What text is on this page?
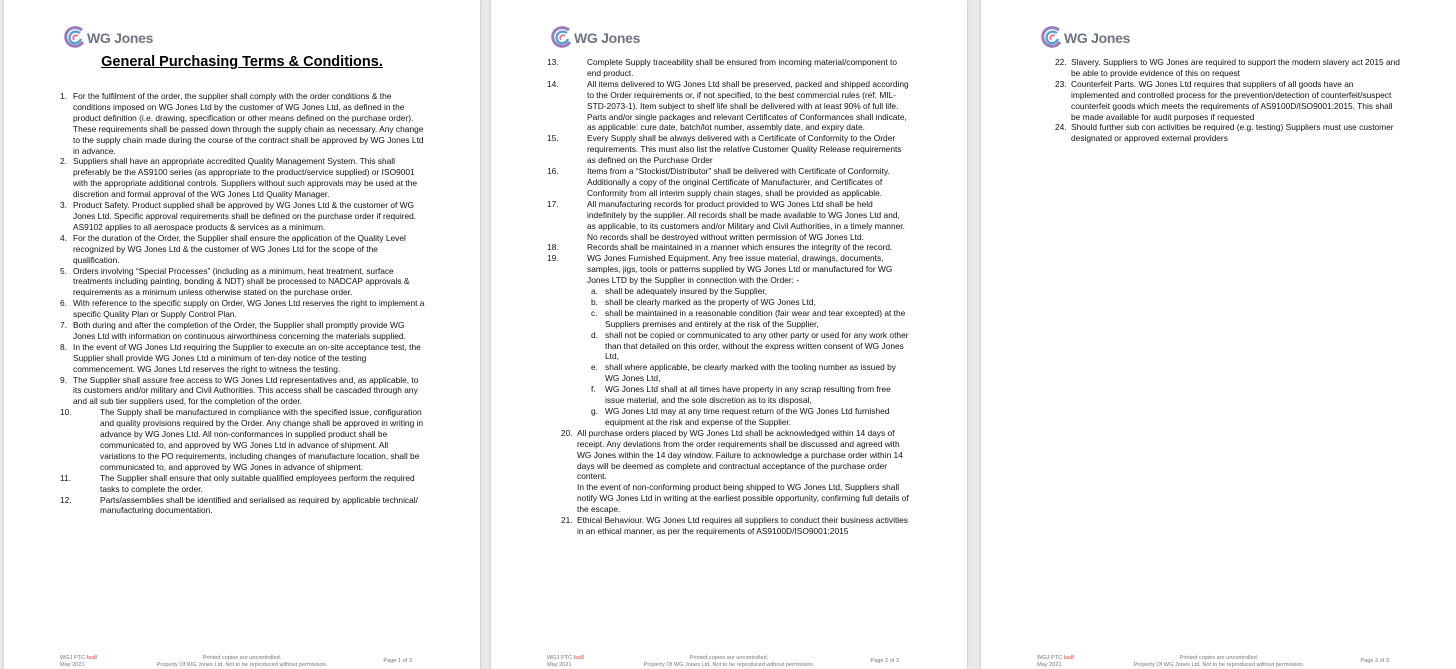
WG Jones
General Purchasing Terms & Conditions.
1. For the fulfilment of the order, the supplier shall comply with the order conditions & the conditions imposed on WG Jones Ltd by the customer of WG Jones Ltd, as defined in the product definition (i.e. drawing, specification or other means defined on the purchase order). These requirements shall be passed down through the supply chain as necessary. Any change to the supply chain made during the course of the contract shall be approved by WG Jones Ltd in advance.
2. Suppliers shall have an appropriate accredited Quality Management System. This shall preferably be the AS9100 series (as appropriate to the product/service supplied) or ISO9001 with the appropriate additional controls. Suppliers without such approvals may be used at the discretion and formal approval of the WG Jones Ltd Quality Manager.
3. Product Safety. Product supplied shall be approved by WG Jones Ltd & the customer of WG Jones Ltd. Specific approval requirements shall be defined on the purchase order if required. AS9102 applies to all aerospace products & services as a minimum.
4. For the duration of the Order, the Supplier shall ensure the application of the Quality Level recognized by WG Jones Ltd & the customer of WG Jones Ltd for the scope of the qualification.
5. Orders involving “Special Processes” (including as a minimum, heat treatment, surface treatments including painting, bonding & NDT) shall be processed to NADCAP approvals & requirements as a minimum unless otherwise stated on the purchase order.
6. With reference to the specific supply on Order, WG Jones Ltd reserves the right to implement a specific Quality Plan or Supply Control Plan.
7. Both during and after the completion of the Order, the Supplier shall promptly provide WG Jones Ltd with information on continuous airworthiness concerning the materials supplied.
8. In the event of WG Jones Ltd requiring the Supplier to execute an on-site acceptance test, the Supplier shall provide WG Jones Ltd a minimum of ten-day notice of the testing commencement. WG Jones Ltd reserves the right to witness the testing.
9. The Supplier shall assure free access to WG Jones Ltd representatives and, as applicable, to its customers and/or military and Civil Authorities. This access shall be cascaded through any and all sub tier suppliers used, for the completion of the order.
10.	The Supply shall be manufactured in compliance with the specified issue, configuration and quality provisions required by the Order. Any change shall be approved in writing in advance by WG Jones Ltd. All non-conformances in supplied product shall be communicated to, and approved by WG Jones Ltd in advance of shipment. All variations to the PO requirements, including changes of manufacture location, shall be communicated to, and approved by WG Jones in advance of shipment.
11.	The Supplier shall ensure that only suitable qualified employees perform the required tasks to complete the order.
12.	Parts/assemblies shall be identified and serialised as required by applicable technical/ manufacturing documentation.
WGJ PTC Iss8
May 2021
Printed copies are uncontrolled.
Property Of WG Jones Ltd. Not to be reproduced without permission.
Page 1 of 3
WG Jones
13.	Complete Supply traceability shall be ensured from incoming material/component to end product.
14.	All items delivered to WG Jones Ltd shall be preserved, packed and shipped according to the Order requirements or, if not specified, to the best commercial rules (ref. MIL-STD-2073-1). Item subject to shelf life shall be delivered with at least 90% of full life. Parts and/or single packages and relevant Certificates of Conformances shall indicate, as applicable: cure date, batch/lot number, assembly date, and expiry date.
15.	Every Supply shall be always delivered with a Certificate of Conformity to the Order requirements. This must also list the relative Customer Quality Release requirements as defined on the Purchase Order
16.	Items from a “Stockist/Distributor” shall be delivered with Certificate of Conformity. Additionally a copy of the original Certificate of Manufacturer, and Certificates of Conformity from all interim supply chain stages, shall be provided as applicable.
17.	All manufacturing records for product provided to WG Jones Ltd shall be held indefinitely by the supplier. All records shall be made available to WG Jones Ltd and, as applicable, to its customers and/or Military and Civil Authorities, in a timely manner. No records shall be destroyed without written permission of WG Jones Ltd.
18.	Records shall be maintained in a manner which ensures the integrity of the record.
19.	WG Jones Furnished Equipment. Any free issue material, drawings, documents, samples, jigs, tools or patterns supplied by WG Jones Ltd or manufactured for WG Jones LTD by the Supplier in connection with the Order: -
a. shall be adequately insured by the Supplier,
b. shall be clearly marked as the property of WG Jones Ltd,
c. shall be maintained in a reasonable condition (fair wear and tear excepted) at the Suppliers premises and entirely at the risk of the Supplier,
d. shall not be copied or communicated to any other party or used for any work other than that detailed on this order, without the express written consent of WG Jones Ltd,
e. shall where applicable, be clearly marked with the tooling number as issued by WG Jones Ltd,
f.	WG Jones Ltd shall at all times have property in any scrap resulting from free issue material, and the sole discretion as to its disposal,
g. WG Jones Ltd may at any time request return of the WG Jones Ltd furnished equipment at the risk and expense of the Supplier.
20. All purchase orders placed by WG Jones Ltd shall be acknowledged within 14 days of receipt. Any deviations from the order requirements shall be discussed and agreed with WG Jones within the 14 day window. Failure to acknowledge a purchase order within 14 days will be deemed as complete and contractual acceptance of the purchase order content.
In the event of non-conforming product being shipped to WG Jones Ltd, Suppliers shall notify WG Jones Ltd in writing at the earliest possible opportunity, confirming full details of the escape.
21. Ethical Behaviour. WG Jones Ltd requires all suppliers to conduct their business activities in an ethical manner, as per the requirements of AS9100D/ISO9001:2015
WGJ PTC Iss8
May 2021
Printed copies are uncontrolled.
Property Of WG Jones Ltd. Not to be reproduced without permission.
Page 2 of 3
WG Jones
22. Slavery. Suppliers to WG Jones are required to support the modern slavery act 2015 and be able to provide evidence of this on request
23. Counterfeit Parts. WG Jones Ltd requires that suppliers of all goods have an implemented and controlled process for the prevention/detection of counterfeit/suspect counterfeit goods which meets the requirements of AS9100D/ISO9001:2015. This shall be made available for audit purposes if requested
24. Should further sub con activities be required (e.g. testing) Suppliers must use customer designated or approved external providers
WGJ PTC Iss8
May 2021
Printed copies are uncontrolled.
Property Of WG Jones Ltd. Not to be reproduced without permission.
Page 3 of 3
